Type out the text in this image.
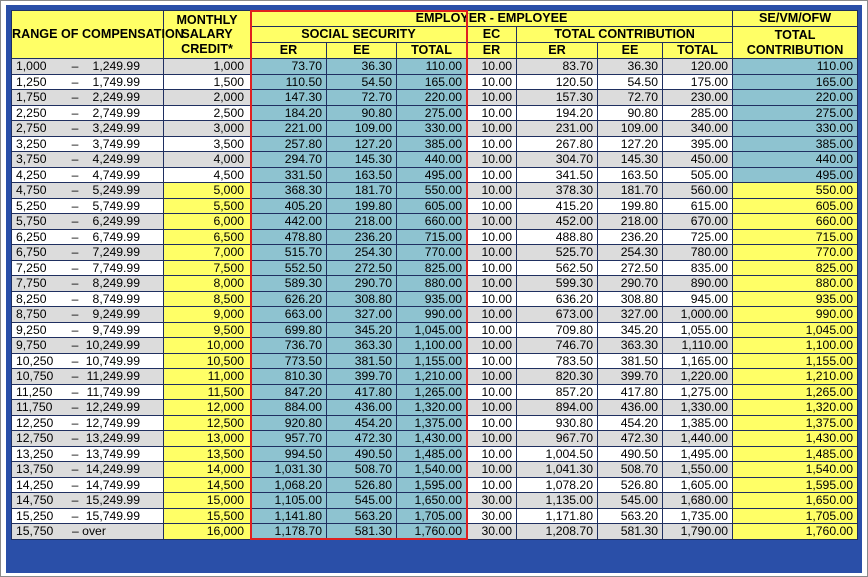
RANGE OF COMPENSATION	MONTHLY
SALARY
CREDIT*	EMPLOYER - EMPLOYEE							SE/VM/OFW
		SOCIAL SECURITY			EC	TOTAL CONTRIBUTION			TOTAL
CONTRIBUTION

		ER	EE	TOTAL	ER	ER	EE	TOTAL	
1,000 – 1,249.99	1,000	73.70	36.30	110.00	10.00	83.70	36.30	120.00	110.00
1,250 – 1,749.99	1,500	110.50	54.50	165.00	10.00	120.50	54.50	175.00	165.00
1,750 – 2,249.99	2,000	147.30	72.70	220.00	10.00	157.30	72.70	230.00	220.00
2,250 – 2,749.99	2,500	184.20	90.80	275.00	10.00	194.20	90.80	285.00	275.00
2,750 – 3,249.99	3,000	221.00	109.00	330.00	10.00	231.00	109.00	340.00	330.00
3,250 – 3,749.99	3,500	257.80	127.20	385.00	10.00	267.80	127.20	395.00	385.00
3,750 – 4,249.99	4,000	294.70	145.30	440.00	10.00	304.70	145.30	450.00	440.00
4,250 – 4,749.99	4,500	331.50	163.50	495.00	10.00	341.50	163.50	505.00	495.00
4,750 – 5,249.99	5,000	368.30	181.70	550.00	10.00	378.30	181.70	560.00	550.00
5,250 – 5,749.99	5,500	405.20	199.80	605.00	10.00	415.20	199.80	615.00	605.00
5,750 – 6,249.99	6,000	442.00	218.00	660.00	10.00	452.00	218.00	670.00	660.00
6,250 – 6,749.99	6,500	478.80	236.20	715.00	10.00	488.80	236.20	725.00	715.00
6,750 – 7,249.99	7,000	515.70	254.30	770.00	10.00	525.70	254.30	780.00	770.00
7,250 – 7,749.99	7,500	552.50	272.50	825.00	10.00	562.50	272.50	835.00	825.00
7,750 – 8,249.99	8,000	589.30	290.70	880.00	10.00	599.30	290.70	890.00	880.00
8,250 – 8,749.99	8,500	626.20	308.80	935.00	10.00	636.20	308.80	945.00	935.00
8,750 – 9,249.99	9,000	663.00	327.00	990.00	10.00	673.00	327.00	1,000.00	990.00
9,250 – 9,749.99	9,500	699.80	345.20	1,045.00	10.00	709.80	345.20	1,055.00	1,045.00
9,750 – 10,249.99	10,000	736.70	363.30	1,100.00	10.00	746.70	363.30	1,110.00	1,100.00
10,250 – 10,749.99	10,500	773.50	381.50	1,155.00	10.00	783.50	381.50	1,165.00	1,155.00
10,750 – 11,249.99	11,000	810.30	399.70	1,210.00	10.00	820.30	399.70	1,220.00	1,210.00
11,250 – 11,749.99	11,500	847.20	417.80	1,265.00	10.00	857.20	417.80	1,275.00	1,265.00
11,750 – 12,249.99	12,000	884.00	436.00	1,320.00	10.00	894.00	436.00	1,330.00	1,320.00
12,250 – 12,749.99	12,500	920.80	454.20	1,375.00	10.00	930.80	454.20	1,385.00	1,375.00
12,750 – 13,249.99	13,000	957.70	472.30	1,430.00	10.00	967.70	472.30	1,440.00	1,430.00
13,250 – 13,749.99	13,500	994.50	490.50	1,485.00	10.00	1,004.50	490.50	1,495.00	1,485.00
13,750 – 14,249.99	14,000	1,031.30	508.70	1,540.00	10.00	1,041.30	508.70	1,550.00	1,540.00
14,250 – 14,749.99	14,500	1,068.20	526.80	1,595.00	10.00	1,078.20	526.80	1,605.00	1,595.00
14,750 – 15,249.99	15,000	1,105.00	545.00	1,650.00	30.00	1,135.00	545.00	1,680.00	1,650.00
15,250 – 15,749.99	15,500	1,141.80	563.20	1,705.00	30.00	1,171.80	563.20	1,735.00	1,705.00
15,750 – over	16,000	1,178.70	581.30	1,760.00	30.00	1,208.70	581.30	1,790.00	1,760.00
